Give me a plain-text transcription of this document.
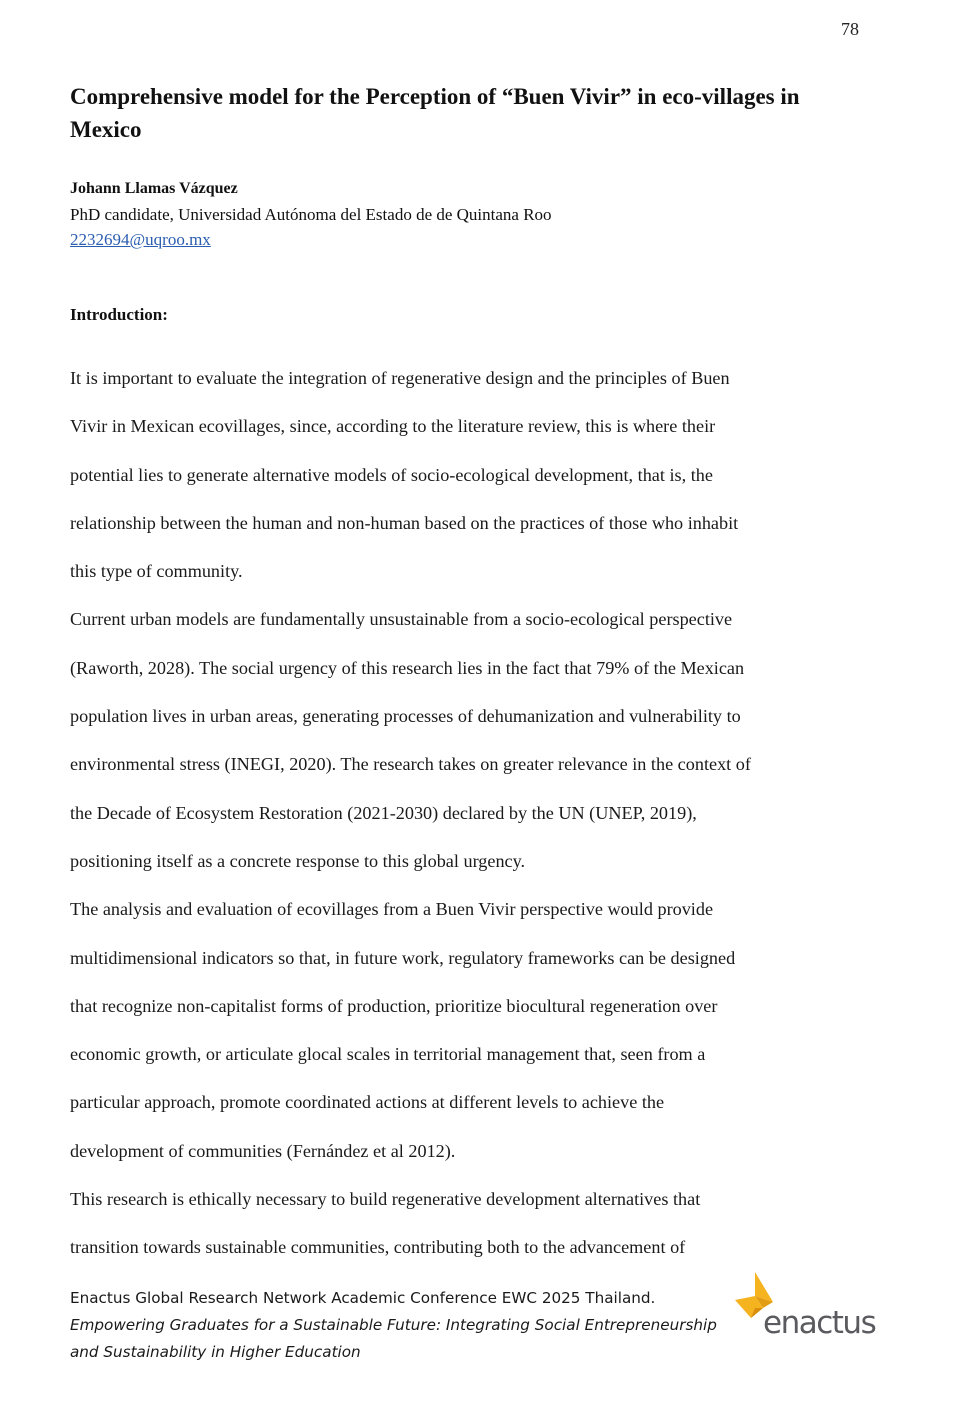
78
Comprehensive model for the Perception of “Buen Vivir” in eco-villages in Mexico
Johann Llamas Vázquez
PhD candidate, Universidad Autónoma del Estado de de Quintana Roo
2232694@uqroo.mx
Introduction:
It is important to evaluate the integration of regenerative design and the principles of Buen
Vivir in Mexican ecovillages, since, according to the literature review, this is where their
potential lies to generate alternative models of socio-ecological development, that is, the
relationship between the human and non-human based on the practices of those who inhabit
this type of community.
Current urban models are fundamentally unsustainable from a socio-ecological perspective
(Raworth, 2028). The social urgency of this research lies in the fact that 79% of the Mexican
population lives in urban areas, generating processes of dehumanization and vulnerability to
environmental stress (INEGI, 2020). The research takes on greater relevance in the context of
the Decade of Ecosystem Restoration (2021-2030) declared by the UN (UNEP, 2019),
positioning itself as a concrete response to this global urgency.
The analysis and evaluation of ecovillages from a Buen Vivir perspective would provide
multidimensional indicators so that, in future work, regulatory frameworks can be designed
that recognize non-capitalist forms of production, prioritize biocultural regeneration over
economic growth, or articulate glocal scales in territorial management that, seen from a
particular approach, promote coordinated actions at different levels to achieve the
development of communities (Fernández et al 2012).
This research is ethically necessary to build regenerative development alternatives that
transition towards sustainable communities, contributing both to the advancement of
Enactus Global Research Network Academic Conference EWC 2025 Thailand.
Empowering Graduates for a Sustainable Future: Integrating Social Entrepreneurship
and Sustainability in Higher Education
enactus
